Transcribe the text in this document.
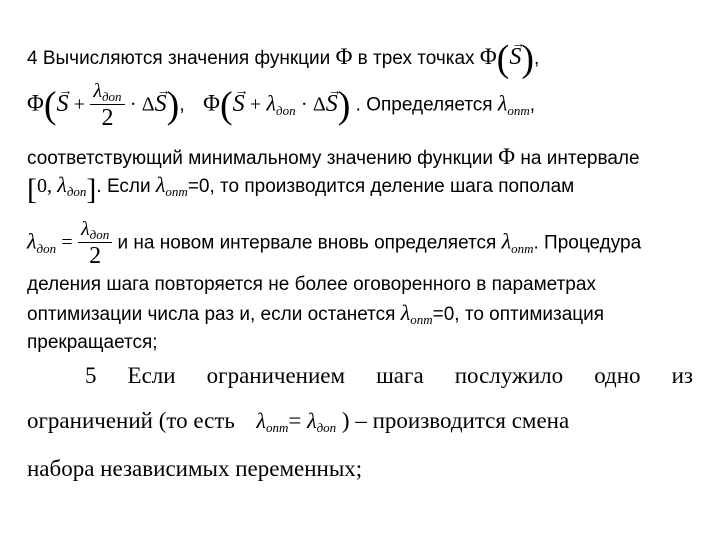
4 Вычисляются значения функции Φ в трех точках Φ(→ S),
$\Phi(\to S + \frac{\lambda_{доп}}{2} \cdot \Delta\to S)$, $\Phi(\to S + \lambda_{доп} \cdot \Delta\to S)$ . Определяется $\lambda_{опт}$,
соответствующий минимальному значению функции Φ на интервале
[0, $\lambda_{доп}$]. Если $\lambda_{опт}=0$, то производится деление шага пополам
$\lambda_{доп} = \frac{\lambda_{доп}}{2}$ и на новом интервале вновь определяется $\lambda_{опт}$. Процедура
деления шага повторяется не более оговоренного в параметрах
оптимизации числа раз и, если останется $\lambda_{опт}=0$, то оптимизация
прекращается;
5 Если ограничением шага послужило одно из
ограничений (то есть λопт= λдоп ) – производится смена
набора независимых переменных;
